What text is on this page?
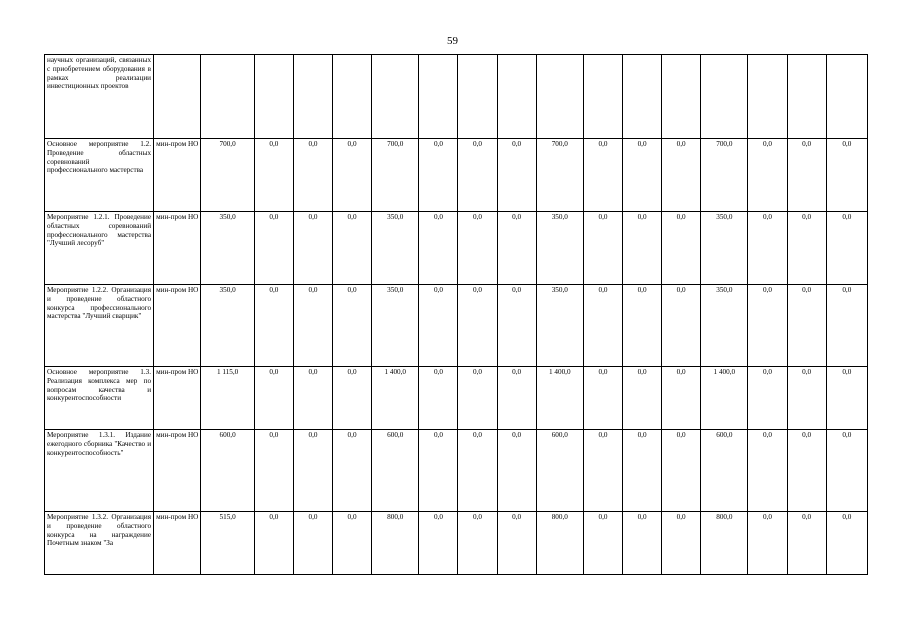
59
научных организаций, связанных с приобретением оборудования в рамках реализации инвестиционных проектов																	
Основное мероприятие 1.2. Проведение областных соревнований профессионального мастерства	мин-пром НО	700,0	0,0	0,0	0,0	700,0	0,0	0,0	0,0	700,0	0,0	0,0	0,0	700,0	0,0	0,0	0,0
Мероприятие 1.2.1. Проведение областных соревнований профессионального мастерства "Лучший лесоруб"	мин-пром НО	350,0	0,0	0,0	0,0	350,0	0,0	0,0	0,0	350,0	0,0	0,0	0,0	350,0	0,0	0,0	0,0
Мероприятие 1.2.2. Организация и проведение областного конкурса профессионального мастерства "Лучший сварщик"	мин-пром НО	350,0	0,0	0,0	0,0	350,0	0,0	0,0	0,0	350,0	0,0	0,0	0,0	350,0	0,0	0,0	0,0
Основное мероприятие 1.3. Реализация комплекса мер по вопросам качества и конкурентоспособности	мин-пром НО	1 115,0	0,0	0,0	0,0	1 400,0	0,0	0,0	0,0	1 400,0	0,0	0,0	0,0	1 400,0	0,0	0,0	0,0
Мероприятие 1.3.1. Издание ежегодного сборника "Качество и конкурентоспособность"	мин-пром НО	600,0	0,0	0,0	0,0	600,0	0,0	0,0	0,0	600,0	0,0	0,0	0,0	600,0	0,0	0,0	0,0
Мероприятие 1.3.2. Организация и проведение областного конкурса на награждение Почетным знаком "За	мин-пром НО	515,0	0,0	0,0	0,0	800,0	0,0	0,0	0,0	800,0	0,0	0,0	0,0	800,0	0,0	0,0	0,0
